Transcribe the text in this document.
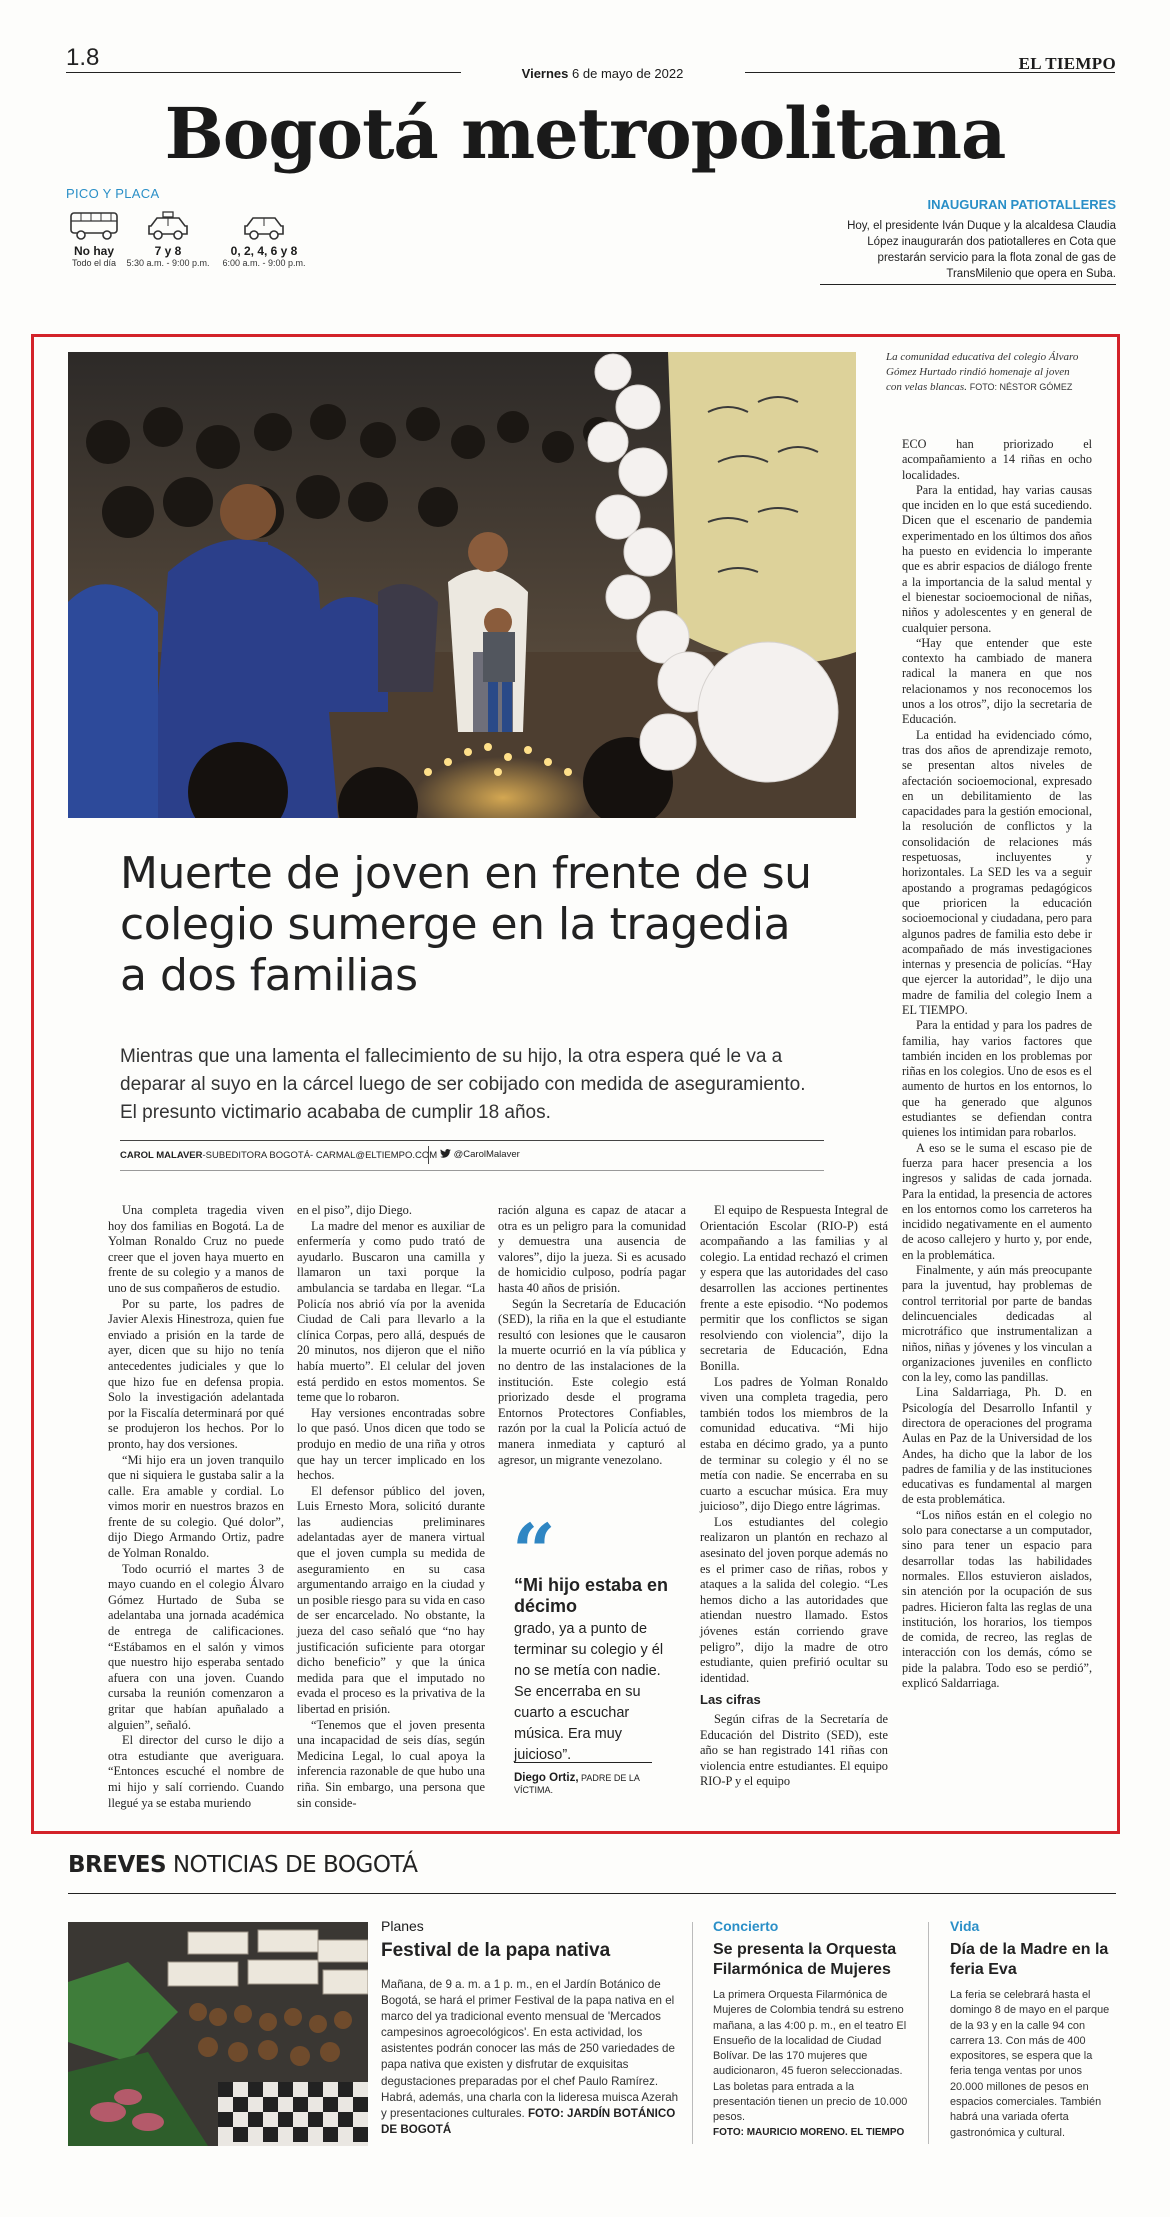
1.8
Viernes 6 de mayo de 2022
EL TIEMPO
Bogotá metropolitana
PICO Y PLACA
No hay
Todo el día
7 y 8
5:30 a.m. - 9:00 p.m.
0, 2, 4, 6 y 8
6:00 a.m. - 9:00 p.m.
INAUGURAN PATIOTALLERES
Hoy, el presidente Iván Duque y la alcaldesa Claudia López inaugurarán dos patiotalleres en Cota que prestarán servicio para la flota zonal de gas de TransMilenio que opera en Suba.
La comunidad educativa del colegio Álvaro Gómez Hurtado rindió homenaje al joven con velas blancas. FOTO: NÉSTOR GÓMEZ
Muerte de joven en frente de su colegio sumerge en la tragedia a dos familias
Mientras que una lamenta el fallecimiento de su hijo, la otra espera qué le va a deparar al suyo en la cárcel luego de ser cobijado con medida de aseguramiento. El presunto victimario acababa de cumplir 18 años.
CAROL MALAVER-SUBEDITORA BOGOTÁ- CARMAL@ELTIEMPO.COM	@CarolMalaver

Una completa tragedia viven hoy dos familias en Bogotá. La de Yolman Ronaldo Cruz no puede creer que el joven haya muerto en frente de su colegio y a manos de uno de sus compañeros de estudio.

Por su parte, los padres de Javier Alexis Hinestroza, quien fue enviado a prisión en la tarde de ayer, dicen que su hijo no tenía antecedentes judiciales y que lo que hizo fue en defensa propia. Solo la investigación adelantada por la Fiscalía determinará por qué se produjeron los hechos. Por lo pronto, hay dos versiones.

“Mi hijo era un joven tranquilo que ni siquiera le gustaba salir a la calle. Era amable y cordial. Lo vimos morir en nuestros brazos en frente de su colegio. Qué dolor”, dijo Diego Armando Ortiz, padre de Yolman Ronaldo.

Todo ocurrió el martes 3 de mayo cuando en el colegio Álvaro Gómez Hurtado de Suba se adelantaba una jornada académica de entrega de calificaciones. “Estábamos en el salón y vimos que nuestro hijo esperaba sentado afuera con una joven. Cuando cursaba la reunión comenzaron a gritar que habían apuñalado a alguien”, señaló.

El director del curso le dijo a otra estudiante que averiguara. “Entonces escuché el nombre de mi hijo y salí corriendo. Cuando llegué ya se estaba muriendo

en el piso”, dijo Diego.

La madre del menor es auxiliar de enfermería y como pudo trató de ayudarlo. Buscaron una camilla y llamaron un taxi porque la ambulancia se tardaba en llegar. “La Policía nos abrió vía por la avenida Ciudad de Cali para llevarlo a la clínica Corpas, pero allá, después de 20 minutos, nos dijeron que el niño había muerto”. El celular del joven está perdido en estos momentos. Se teme que lo robaron.

Hay versiones encontradas sobre lo que pasó. Unos dicen que todo se produjo en medio de una riña y otros que hay un tercer implicado en los hechos.

El defensor público del joven, Luis Ernesto Mora, solicitó durante las audiencias preliminares adelantadas ayer de manera virtual que el joven cumpla su medida de aseguramiento en su casa argumentando arraigo en la ciudad y un posible riesgo para su vida en caso de ser encarcelado. No obstante, la jueza del caso señaló que “no hay justificación suficiente para otorgar dicho beneficio” y que la única medida para que el imputado no evada el proceso es la privativa de la libertad en prisión.

“Tenemos que el joven presenta una incapacidad de seis días, según Medicina Legal, lo cual apoya la inferencia razonable de que hubo una riña. Sin embargo, una persona que sin conside-

ración alguna es capaz de atacar a otra es un peligro para la comunidad y demuestra una ausencia de valores”, dijo la jueza. Si es acusado de homicidio culposo, podría pagar hasta 40 años de prisión.

Según la Secretaría de Educación (SED), la riña en la que el estudiante resultó con lesiones que le causaron la muerte ocurrió en la vía pública y no dentro de las instalaciones de la institución. Este colegio está priorizado desde el programa Entornos Protectores Confiables, razón por la cual la Policía actuó de manera inmediata y capturó al agresor, un migrante venezolano.

“
“Mi hijo estaba en décimo
grado, ya a punto de terminar su colegio y él no se metía con nadie. Se encerraba en su cuarto a escuchar música. Era muy juicioso”.
Diego Ortiz, PADRE DE LA VÍCTIMA.

El equipo de Respuesta Integral de Orientación Escolar (RIO-P) está acompañando a las familias y al colegio. La entidad rechazó el crimen y espera que las autoridades del caso desarrollen las acciones pertinentes frente a este episodio. “No podemos permitir que los conflictos se sigan resolviendo con violencia”, dijo la secretaria de Educación, Edna Bonilla.

Los padres de Yolman Ronaldo viven una completa tragedia, pero también todos los miembros de la comunidad educativa. “Mi hijo estaba en décimo grado, ya a punto de terminar su colegio y él no se metía con nadie. Se encerraba en su cuarto a escuchar música. Era muy juicioso”, dijo Diego entre lágrimas.

Los estudiantes del colegio realizaron un plantón en rechazo al asesinato del joven porque además no es el primer caso de riñas, robos y ataques a la salida del colegio. “Les hemos dicho a las autoridades que atiendan nuestro llamado. Estos jóvenes están corriendo grave peligro”, dijo la madre de otro estudiante, quien prefirió ocultar su identidad.

Las cifras

Según cifras de la Secretaría de Educación del Distrito (SED), este año se han registrado 141 riñas con violencia entre estudiantes. El equipo RIO-P y el equipo

ECO han priorizado el acompañamiento a 14 riñas en ocho localidades.

Para la entidad, hay varias causas que inciden en lo que está sucediendo. Dicen que el escenario de pandemia experimentado en los últimos dos años ha puesto en evidencia lo imperante que es abrir espacios de diálogo frente a la importancia de la salud mental y el bienestar socioemocional de niñas, niños y adolescentes y en general de cualquier persona.

“Hay que entender que este contexto ha cambiado de manera radical la manera en que nos relacionamos y nos reconocemos los unos a los otros”, dijo la secretaria de Educación.

La entidad ha evidenciado cómo, tras dos años de aprendizaje remoto, se presentan altos niveles de afectación socioemocional, expresado en un debilitamiento de las capacidades para la gestión emocional, la resolución de conflictos y la consolidación de relaciones más respetuosas, incluyentes y horizontales. La SED les va a seguir apostando a programas pedagógicos que prioricen la educación socioemocional y ciudadana, pero para algunos padres de familia esto debe ir acompañado de más investigaciones internas y presencia de policías. “Hay que ejercer la autoridad”, le dijo una madre de familia del colegio Inem a EL TIEMPO.

Para la entidad y para los padres de familia, hay varios factores que también inciden en los problemas por riñas en los colegios. Uno de esos es el aumento de hurtos en los entornos, lo que ha generado que algunos estudiantes se defiendan contra quienes los intimidan para robarlos.

A eso se le suma el escaso pie de fuerza para hacer presencia a los ingresos y salidas de cada jornada. Para la entidad, la presencia de actores en los entornos como los carreteros ha incidido negativamente en el aumento de acoso callejero y hurto y, por ende, en la problemática.

Finalmente, y aún más preocupante para la juventud, hay problemas de control territorial por parte de bandas delincuenciales dedicadas al microtráfico que instrumentalizan a niños, niñas y jóvenes y los vinculan a organizaciones juveniles en conflicto con la ley, como las pandillas.

Lina Saldarriaga, Ph. D. en Psicología del Desarrollo Infantil y directora de operaciones del programa Aulas en Paz de la Universidad de los Andes, ha dicho que la labor de los padres de familia y de las instituciones educativas es fundamental al margen de esta problemática.

“Los niños están en el colegio no solo para conectarse a un computador, sino para tener un espacio para desarrollar todas las habilidades normales. Ellos estuvieron aislados, sin atención por la ocupación de sus padres. Hicieron falta las reglas de una institución, los horarios, los tiempos de comida, de recreo, las reglas de interacción con los demás, cómo se pide la palabra. Todo eso se perdió”, explicó Saldarriaga.

BREVES NOTICIAS DE BOGOTÁ
Planes
Festival de la papa nativa
Mañana, de 9 a. m. a 1 p. m., en el Jardín Botánico de Bogotá, se hará el primer Festival de la papa nativa en el marco del ya tradicional evento mensual de 'Mercados campesinos agroecológicos'. En esta actividad, los asistentes podrán conocer las más de 250 variedades de papa nativa que existen y disfrutar de exquisitas degustaciones preparadas por el chef Paulo Ramírez. Habrá, además, una charla con la lideresa muisca Azerah y presentaciones culturales. FOTO: JARDÍN BOTÁNICO DE BOGOTÁ
Concierto
Se presenta la Orquesta Filarmónica de Mujeres
La primera Orquesta Filarmónica de Mujeres de Colombia tendrá su estreno mañana, a las 4:00 p. m., en el teatro El Ensueño de la localidad de Ciudad Bolívar. De las 170 mujeres que audicionaron, 45 fueron seleccionadas. Las boletas para entrada a la presentación tienen un precio de 10.000 pesos.
FOTO: MAURICIO MORENO. EL TIEMPO
Vida
Día de la Madre en la feria Eva
La feria se celebrará hasta el domingo 8 de mayo en el parque de la 93 y en la calle 94 con carrera 13. Con más de 400 expositores, se espera que la feria tenga ventas por unos 20.000 millones de pesos en espacios comerciales. También habrá una variada oferta gastronómica y cultural.
